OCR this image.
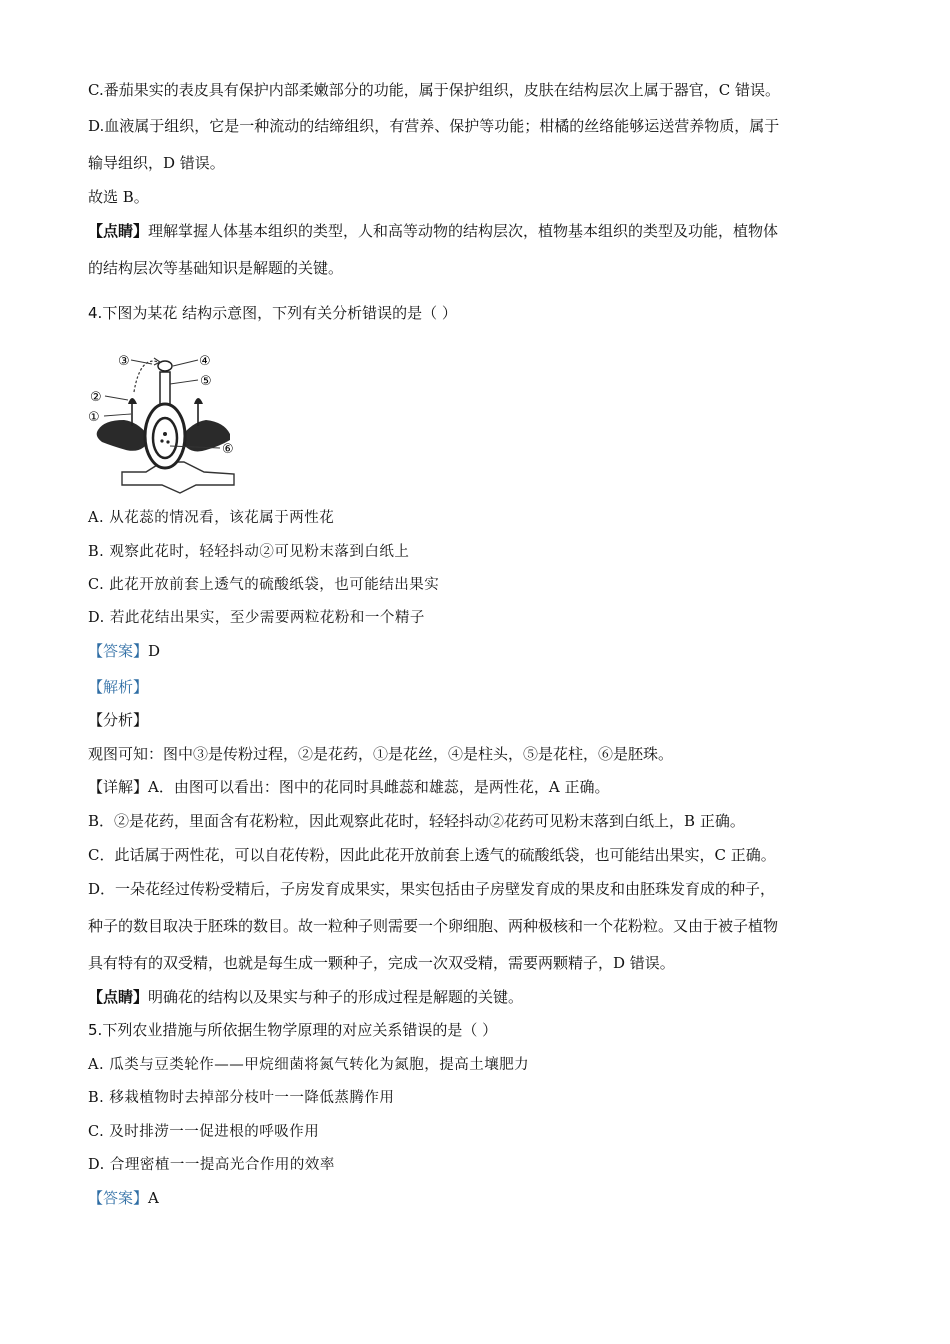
C.番茄果实的表皮具有保护内部柔嫩部分的功能，属于保护组织，皮肤在结构层次上属于器官，C 错误。
D.血液属于组织，它是一种流动的结缔组织，有营养、保护等功能；柑橘的丝络能够运送营养物质，属于
输导组织，D 错误。
故选 B。
【点睛】理解掌握人体基本组织的类型，人和高等动物的结构层次，植物基本组织的类型及功能，植物体
的结构层次等基础知识是解题的关键。
4.下图为某花 结构示意图，下列有关分析错误的是（ ）
③	④
⑤
②
①
⑥
A. 从花蕊的情况看，该花属于两性花
B. 观察此花时，轻轻抖动②可见粉末落到白纸上
C. 此花开放前套上透气的硫酸纸袋，也可能结出果实
D. 若此花结出果实，至少需要两粒花粉和一个精子
【答案】D
【解析】
【分析】
观图可知：图中③是传粉过程，②是花药，①是花丝，④是柱头，⑤是花柱，⑥是胚珠。
【详解】A．由图可以看出：图中的花同时具雌蕊和雄蕊，是两性花，A 正确。
B．②是花药，里面含有花粉粒，因此观察此花时，轻轻抖动②花药可见粉末落到白纸上，B 正确。
C．此话属于两性花，可以自花传粉，因此此花开放前套上透气的硫酸纸袋，也可能结出果实，C 正确。
D．一朵花经过传粉受精后，子房发育成果实，果实包括由子房壁发育成的果皮和由胚珠发育成的种子，
种子的数目取决于胚珠的数目。故一粒种子则需要一个卵细胞、两种极核和一个花粉粒。又由于被子植物
具有特有的双受精，也就是每生成一颗种子，完成一次双受精，需要两颗精子，D 错误。
【点睛】明确花的结构以及果实与种子的形成过程是解题的关键。
5.下列农业措施与所依据生物学原理的对应关系错误的是（ ）
A. 瓜类与豆类轮作——甲烷细菌将氮气转化为氮胞，提高土壤肥力
B. 移栽植物时去掉部分枝叶一一降低蒸腾作用
C. 及时排涝一一促进根的呼吸作用
D. 合理密植一一提高光合作用的效率
【答案】A
